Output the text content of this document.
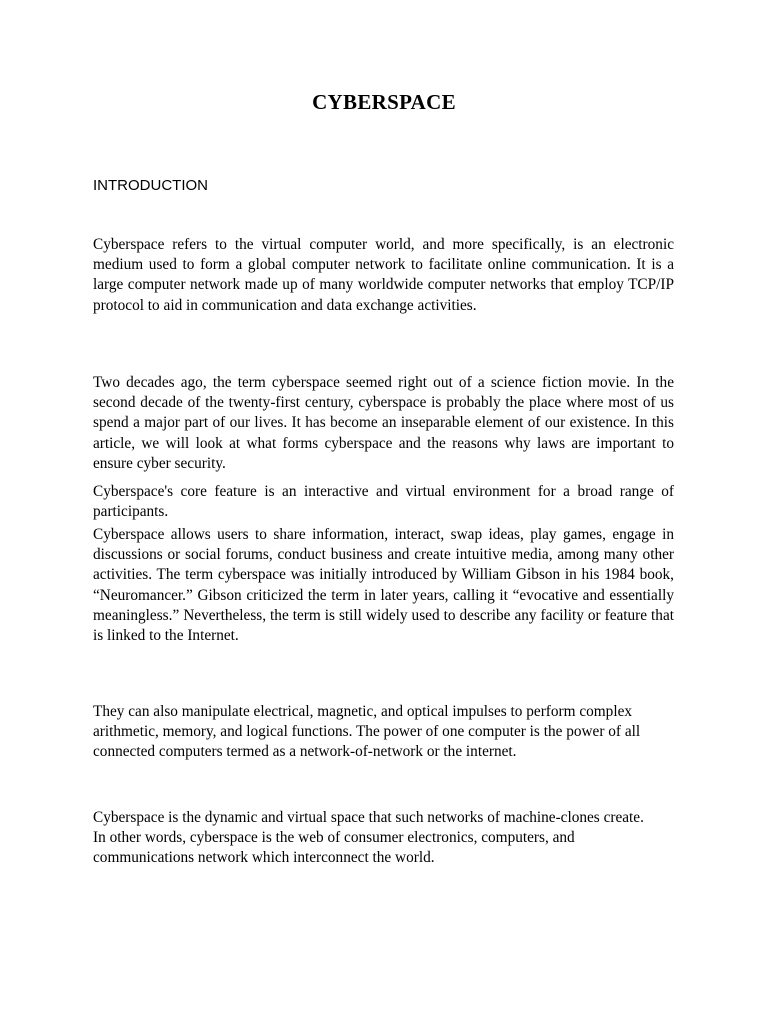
CYBERSPACE
INTRODUCTION

Cyberspace refers to the virtual computer world, and more specifically, is an electronic medium used to form a global computer network to facilitate online communication. It is a large computer network made up of many worldwide computer networks that employ TCP/IP protocol to aid in communication and data exchange activities.

Two decades ago, the term cyberspace seemed right out of a science fiction movie. In the second decade of the twenty-first century, cyberspace is probably the place where most of us spend a major part of our lives. It has become an inseparable element of our existence. In this article, we will look at what forms cyberspace and the reasons why laws are important to ensure cyber security.

Cyberspace's core feature is an interactive and virtual environment for a broad range of participants.

Cyberspace allows users to share information, interact, swap ideas, play games, engage in discussions or social forums, conduct business and create intuitive media, among many other activities. The term cyberspace was initially introduced by William Gibson in his 1984 book, “Neuromancer.” Gibson criticized the term in later years, calling it “evocative and essentially meaningless.” Nevertheless, the term is still widely used to describe any facility or feature that is linked to the Internet.

They can also manipulate electrical, magnetic, and optical impulses to perform complex arithmetic, memory, and logical functions. The power of one computer is the power of all connected computers termed as a network-of-network or the internet.

Cyberspace is the dynamic and virtual space that such networks of machine-clones create. In other words, cyberspace is the web of consumer electronics, computers, and communications network which interconnect the world.
